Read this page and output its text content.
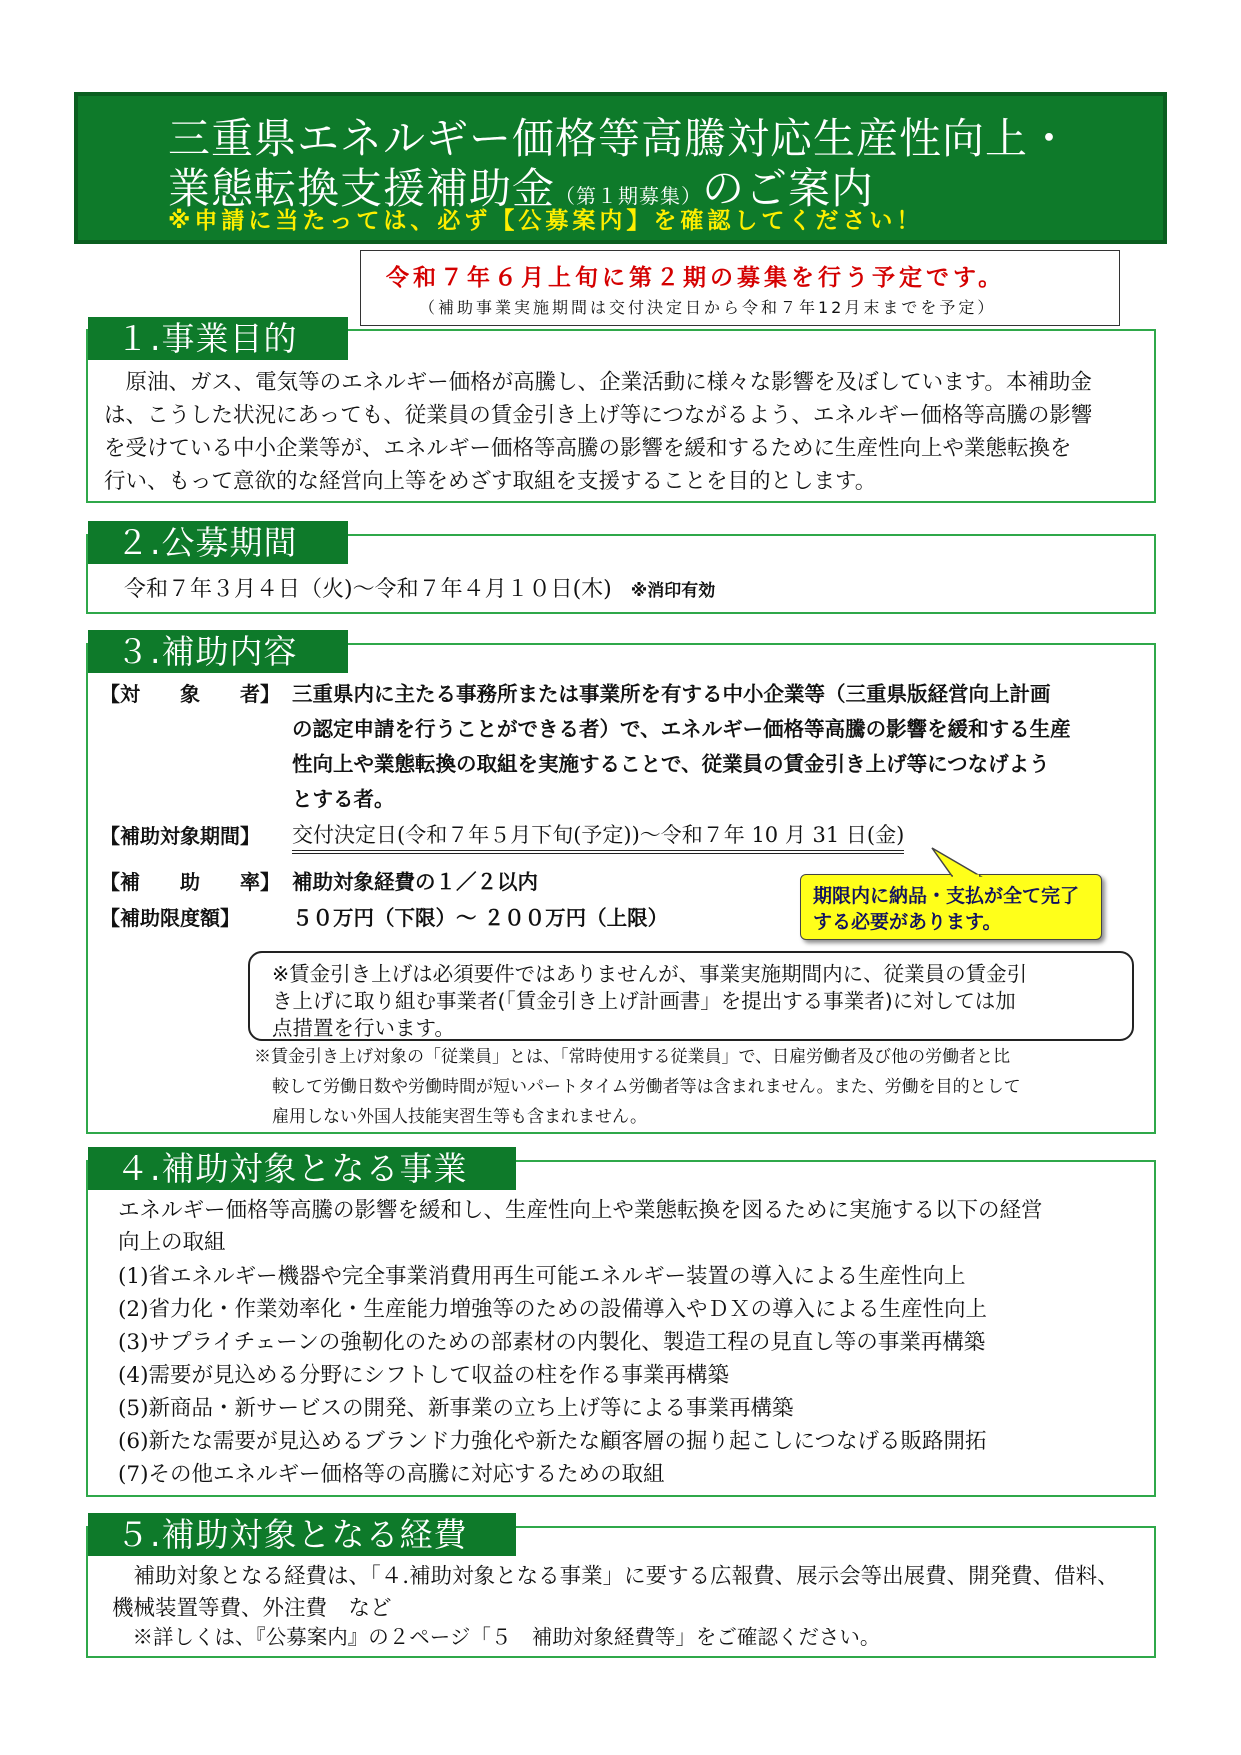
三重県エネルギー価格等高騰対応生産性向上・
業態転換支援補助金（第１期募集）のご案内
※申請に当たっては、必ず【公募案内】を確認してください！
令和７年６月上旬に第２期の募集を行う予定です。
（補助事業実施期間は交付決定日から令和７年12月末までを予定）
１.事業目的
　原油、ガス、電気等のエネルギー価格が高騰し、企業活動に様々な影響を及ぼしています。本補助金
は、こうした状況にあっても、従業員の賃金引き上げ等につながるよう、エネルギー価格等高騰の影響
を受けている中小企業等が、エネルギー価格等高騰の影響を緩和するために生産性向上や業態転換を
行い、もって意欲的な経営向上等をめざす取組を支援することを目的とします。
２.公募期間
令和７年３月４日（火)～令和７年４月１０日(木) ※消印有効
３.補助内容
【対　　象　　者】 三重県内に主たる事務所または事業所を有する中小企業等（三重県版経営向上計画
の認定申請を行うことができる者）で、エネルギー価格等高騰の影響を緩和する生産
性向上や業態転換の取組を実施することで、従業員の賃金引き上げ等につなげよう
とする者。
【補助対象期間】 交付決定日(令和７年５月下旬(予定))～令和７年 10 月 31 日(金)
【補　　助　　率】 補助対象経費の１／２以内
【補助限度額】	５０万円（下限）～ ２００万円（上限）
期限内に納品・支払が全て完了
する必要があります。
※賃金引き上げは必須要件ではありませんが、事業実施期間内に、従業員の賃金引
き上げに取り組む事業者(「賃金引き上げ計画書」を提出する事業者)に対しては加
点措置を行います。
※賃金引き上げ対象の「従業員」とは、「常時使用する従業員」で、日雇労働者及び他の労働者と比
較して労働日数や労働時間が短いパートタイム労働者等は含まれません。また、労働を目的として
雇用しない外国人技能実習生等も含まれません。
４.補助対象となる事業
エネルギー価格等高騰の影響を緩和し、生産性向上や業態転換を図るために実施する以下の経営
向上の取組
(1)省エネルギー機器や完全事業消費用再生可能エネルギー装置の導入による生産性向上
(2)省力化・作業効率化・生産能力増強等のための設備導入やＤＸの導入による生産性向上
(3)サプライチェーンの強靭化のための部素材の内製化、製造工程の見直し等の事業再構築
(4)需要が見込める分野にシフトして収益の柱を作る事業再構築
(5)新商品・新サービスの開発、新事業の立ち上げ等による事業再構築
(6)新たな需要が見込めるブランド力強化や新たな顧客層の掘り起こしにつなげる販路開拓
(7)その他エネルギー価格等の高騰に対応するための取組
５.補助対象となる経費
　補助対象となる経費は、「４.補助対象となる事業」に要する広報費、展示会等出展費、開発費、借料、
機械装置等費、外注費　など
　※詳しくは、『公募案内』の２ページ「５　補助対象経費等」をご確認ください。
